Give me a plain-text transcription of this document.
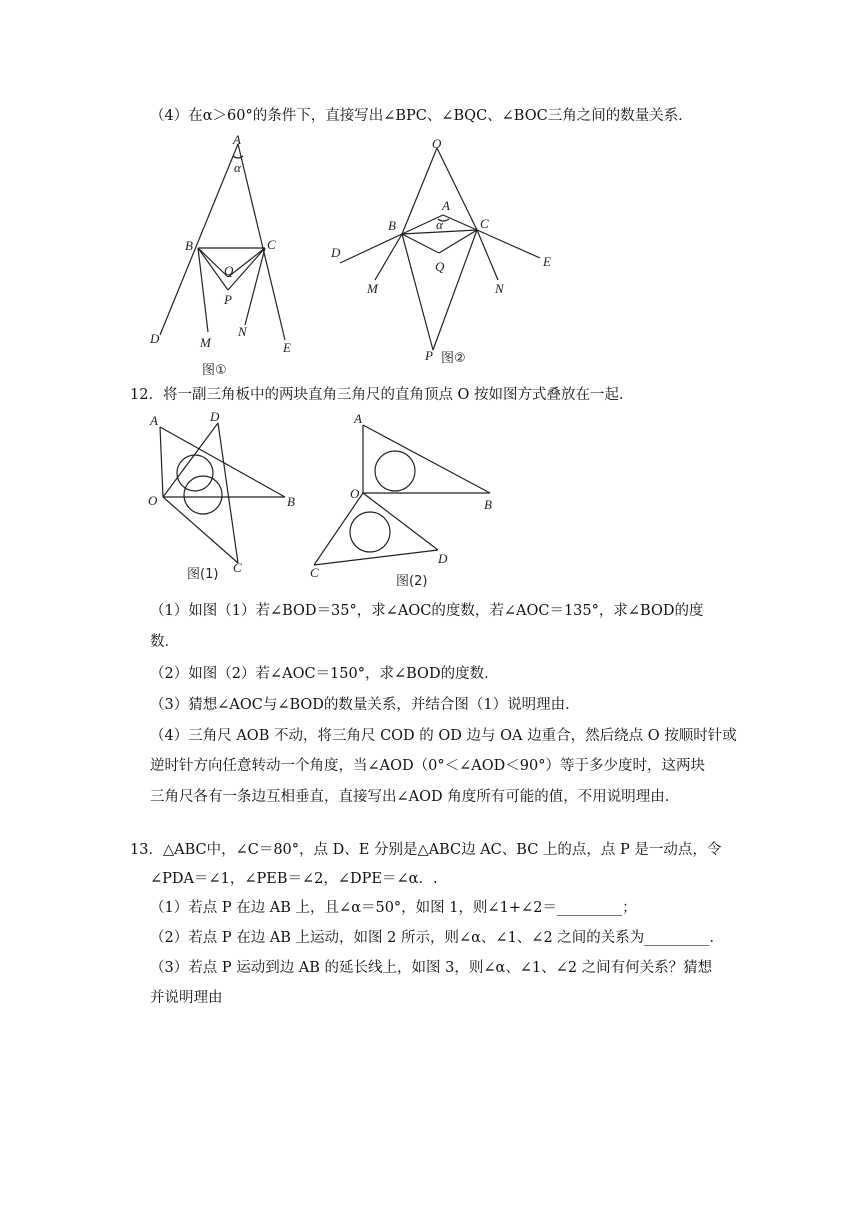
（4）在α＞60°的条件下，直接写出∠BPC、∠BQC、∠BOC三角之间的数量关系．
A
α
B	C
Q
P
D	M
N
E
图①
O
A
α
B	C
Q
D
E
M	N
P 图②
12．将一副三角板中的两块直角三角尺的直角顶点 O 按如图方式叠放在一起．
A	D
O	B
C
图(1)
A
O
B
C
D
图(2)
（1）如图（1）若∠BOD＝35°，求∠AOC的度数，若∠AOC＝135°，求∠BOD的度
数．
（2）如图（2）若∠AOC＝150°，求∠BOD的度数．
（3）猜想∠AOC与∠BOD的数量关系，并结合图（1）说明理由．
（4）三角尺 AOB 不动，将三角尺 COD 的 OD 边与 OA 边重合，然后绕点 O 按顺时针或
逆时针方向任意转动一个角度，当∠AOD（0°＜∠AOD＜90°）等于多少度时，这两块
三角尺各有一条边互相垂直，直接写出∠AOD 角度所有可能的值，不用说明理由．
13．△ABC中，∠C＝80°，点 D、E 分别是△ABC边 AC、BC 上的点，点 P 是一动点，令
∠PDA＝∠1，∠PEB＝∠2，∠DPE＝∠α．.
（1）若点 P 在边 AB 上，且∠α＝50°，如图 1，则∠1+∠2＝_________；
（2）若点 P 在边 AB 上运动，如图 2 所示，则∠α、∠1、∠2 之间的关系为_________．
（3）若点 P 运动到边 AB 的延长线上，如图 3，则∠α、∠1、∠2 之间有何关系？猜想
并说明理由
